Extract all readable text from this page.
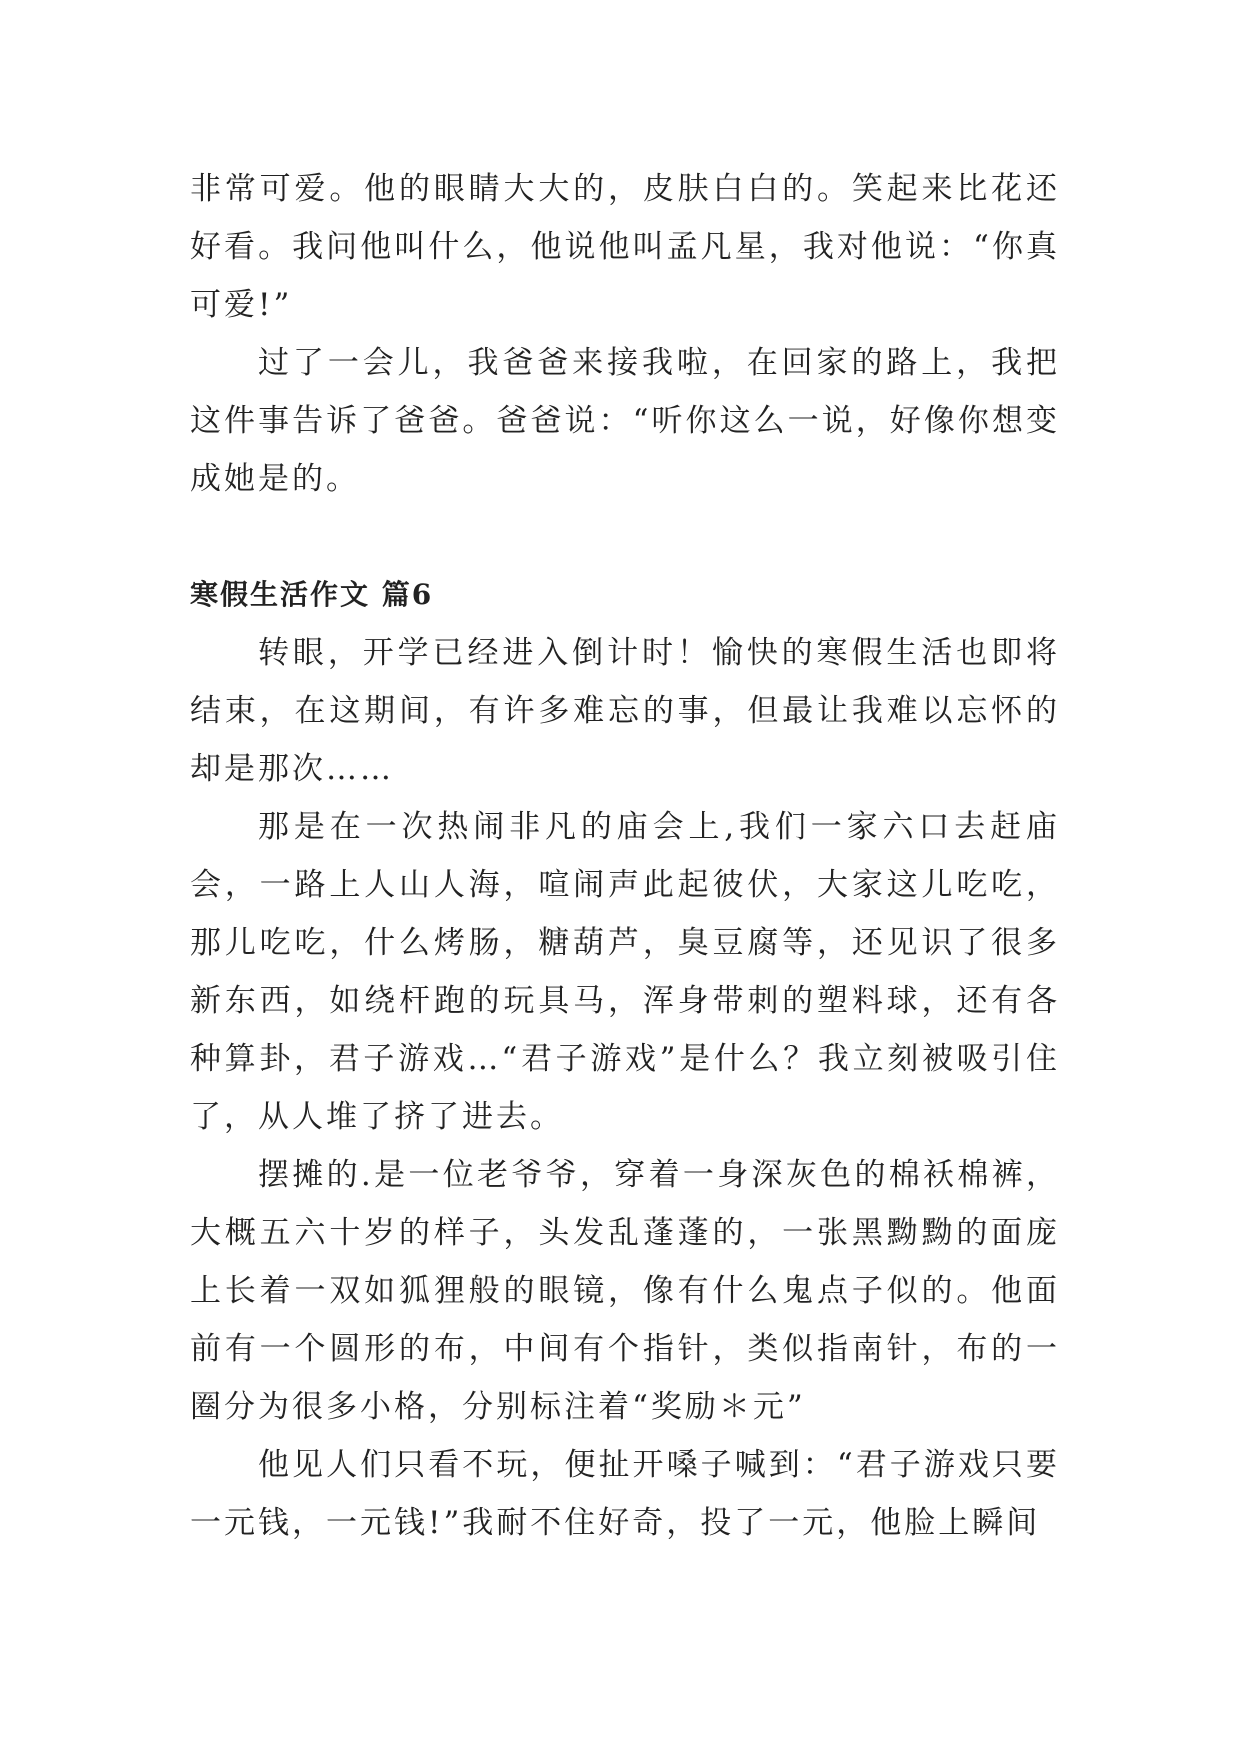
非常可爱。他的眼睛大大的，皮肤白白的。笑起来比花还好看。我问他叫什么，他说他叫孟凡星，我对他说：“你真可爱!”

过了一会儿，我爸爸来接我啦，在回家的路上，我把这件事告诉了爸爸。爸爸说：“听你这么一说，好像你想变成她是的。

寒假生活作文 篇6

转眼，开学已经进入倒计时！愉快的寒假生活也即将结束，在这期间，有许多难忘的事，但最让我难以忘怀的却是那次……

那是在一次热闹非凡的庙会上,我们一家六口去赶庙会，一路上人山人海，喧闹声此起彼伏，大家这儿吃吃，那儿吃吃，什么烤肠，糖葫芦，臭豆腐等，还见识了很多新东西，如绕杆跑的玩具马，浑身带刺的塑料球，还有各种算卦，君子游戏…“君子游戏”是什么？我立刻被吸引住了，从人堆了挤了进去。

摆摊的.是一位老爷爷，穿着一身深灰色的棉袄棉裤，大概五六十岁的样子，头发乱蓬蓬的，一张黑黝黝的面庞上长着一双如狐狸般的眼镜，像有什么鬼点子似的。他面前有一个圆形的布，中间有个指针，类似指南针，布的一圈分为很多小格，分别标注着“奖励＊元”

他见人们只看不玩，便扯开嗓子喊到：“君子游戏只要一元钱，一元钱!”我耐不住好奇，投了一元，他脸上瞬间
